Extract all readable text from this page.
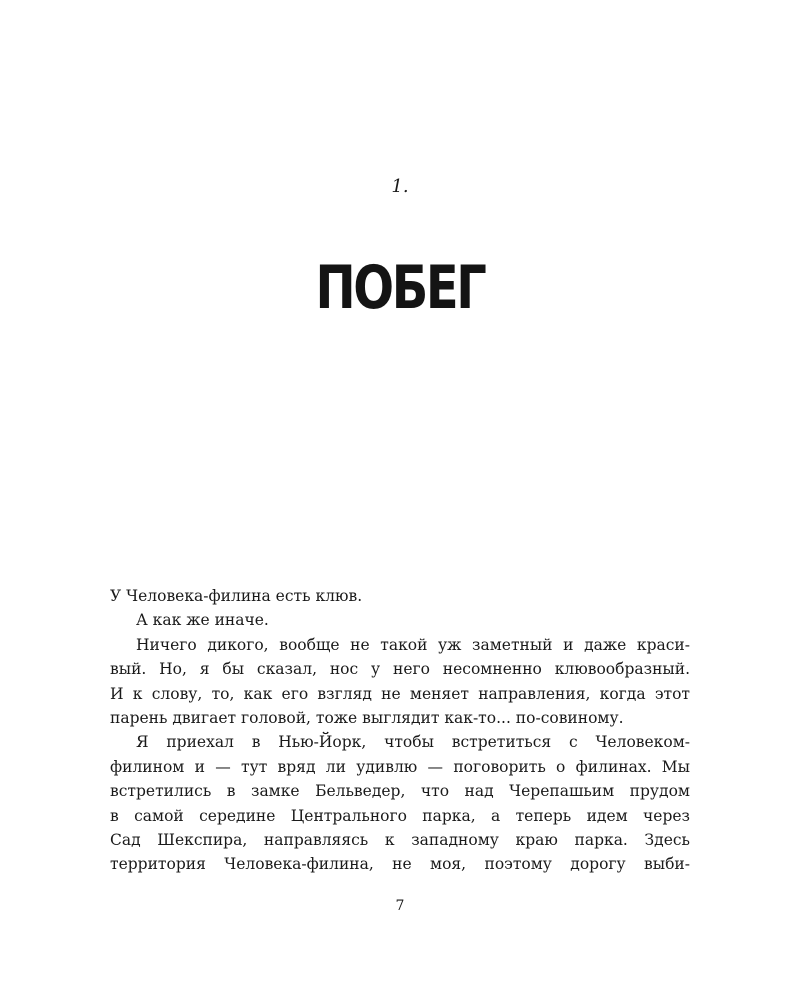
1.
ПОБЕГ
У Человека-филина есть клюв.
А как же иначе.
Ничего дикого, вообще не такой уж заметный и даже краси-
вый. Но, я бы сказал, нос у него несомненно клювообразный.
И к слову, то, как его взгляд не меняет направления, когда этот
парень двигает головой, тоже выглядит как-то... по-совиному.
Я приехал в Нью-Йорк, чтобы встретиться с Человеком-
филином и — тут вряд ли удивлю — поговорить о филинах. Мы
встретились в замке Бельведер, что над Черепашьим прудом
в самой середине Центрального парка, а теперь идем через
Сад Шекспира, направляясь к западному краю парка. Здесь
территория Человека-филина, не моя, поэтому дорогу выби-
7
